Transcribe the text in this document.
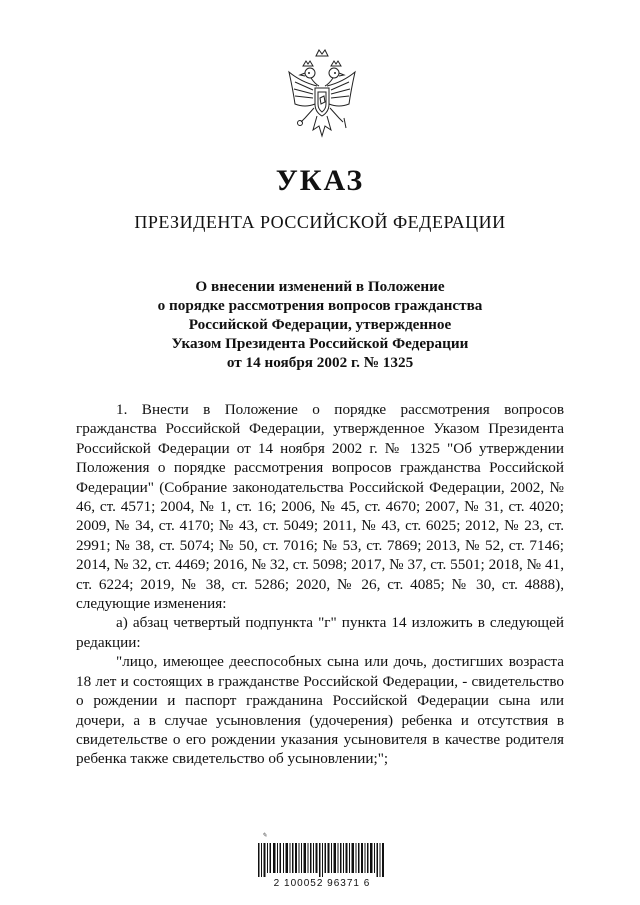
УКАЗ
ПРЕЗИДЕНТА РОССИЙСКОЙ ФЕДЕРАЦИИ
О внесении изменений в Положение
о порядке рассмотрения вопросов гражданства
Российской Федерации, утвержденное
Указом Президента Российской Федерации
от 14 ноября 2002 г. № 1325

1. Внести в Положение о порядке рассмотрения вопросов гражданства Российской Федерации, утвержденное Указом Президента Российской Федерации от 14 ноября 2002 г. № 1325 "Об утверждении Положения о порядке рассмотрения вопросов гражданства Российской Федерации" (Собрание законодательства Российской Федерации, 2002, № 46, ст. 4571; 2004, № 1, ст. 16; 2006, № 45, ст. 4670; 2007, № 31, ст. 4020; 2009, № 34, ст. 4170; № 43, ст. 5049; 2011, № 43, ст. 6025; 2012, № 23, ст. 2991; № 38, ст. 5074; № 50, ст. 7016; № 53, ст. 7869; 2013, № 52, ст. 7146; 2014, № 32, ст. 4469; 2016, № 32, ст. 5098; 2017, № 37, ст. 5501; 2018, № 41, ст. 6224; 2019, № 38, ст. 5286; 2020, № 26, ст. 4085; № 30, ст. 4888), следующие изменения:

а) абзац четвертый подпункта "г" пункта 14 изложить в следующей редакции:

"лицо, имеющее дееспособных сына или дочь, достигших возраста 18 лет и состоящих в гражданстве Российской Федерации, - свидетельство о рождении и паспорт гражданина Российской Федерации сына или дочери, а в случае усыновления (удочерения) ребенка и отсутствия в свидетельстве о его рождении указания усыновителя в качестве родителя ребенка также свидетельство об усыновлении;";

✎
2 100052 96371 6
